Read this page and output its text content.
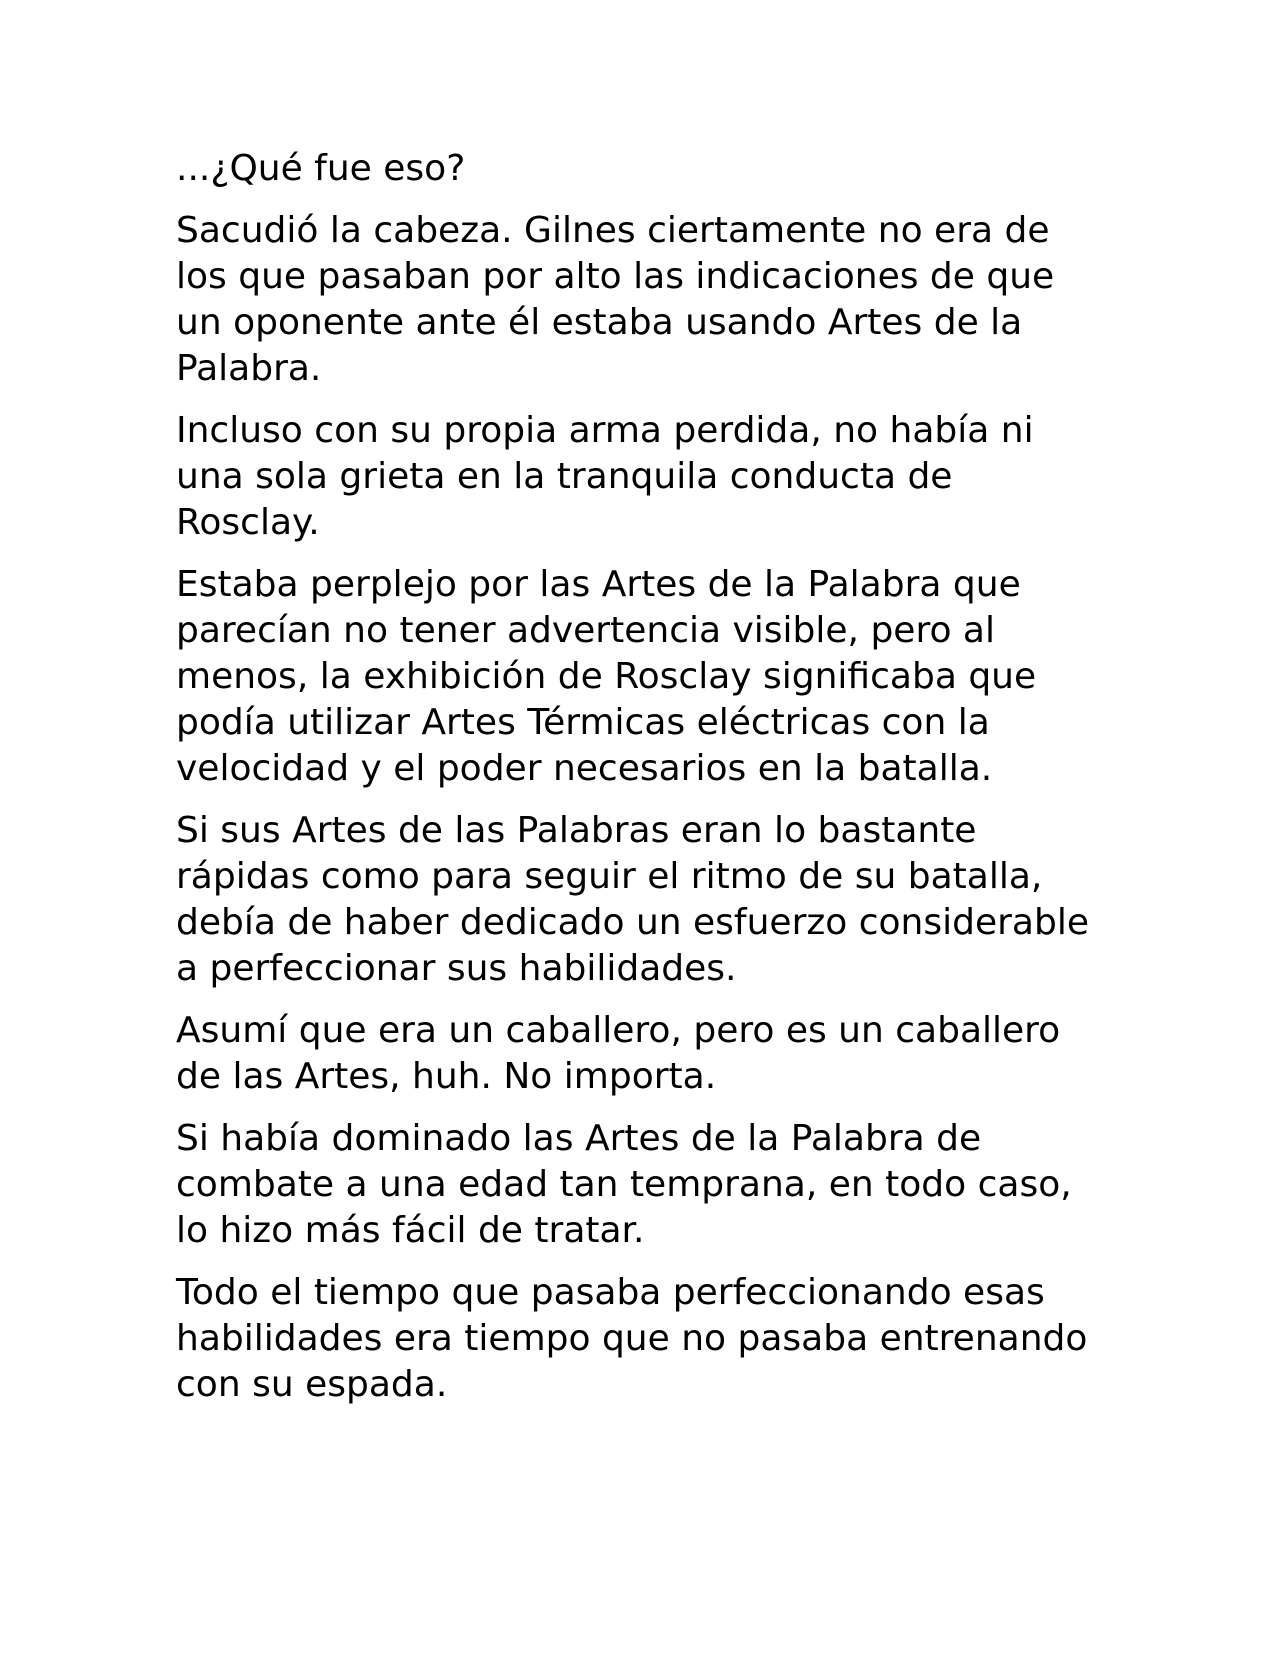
...¿Qué fue eso?

Sacudió la cabeza. Gilnes ciertamente no era de los que pasaban por alto las indicaciones de que un oponente ante él estaba usando Artes de la Palabra.

Incluso con su propia arma perdida, no había ni una sola grieta en la tranquila conducta de Rosclay.

Estaba perplejo por las Artes de la Palabra que parecían no tener advertencia visible, pero al menos, la exhibición de Rosclay significaba que podía utilizar Artes Térmicas eléctricas con la velocidad y el poder necesarios en la batalla.

Si sus Artes de las Palabras eran lo bastante rápidas como para seguir el ritmo de su batalla, debía de haber dedicado un esfuerzo considerable a perfeccionar sus habilidades.

Asumí que era un caballero, pero es un caballero de las Artes, huh. No importa.

Si había dominado las Artes de la Palabra de combate a una edad tan temprana, en todo caso, lo hizo más fácil de tratar.

Todo el tiempo que pasaba perfeccionando esas habilidades era tiempo que no pasaba entrenando con su espada.
